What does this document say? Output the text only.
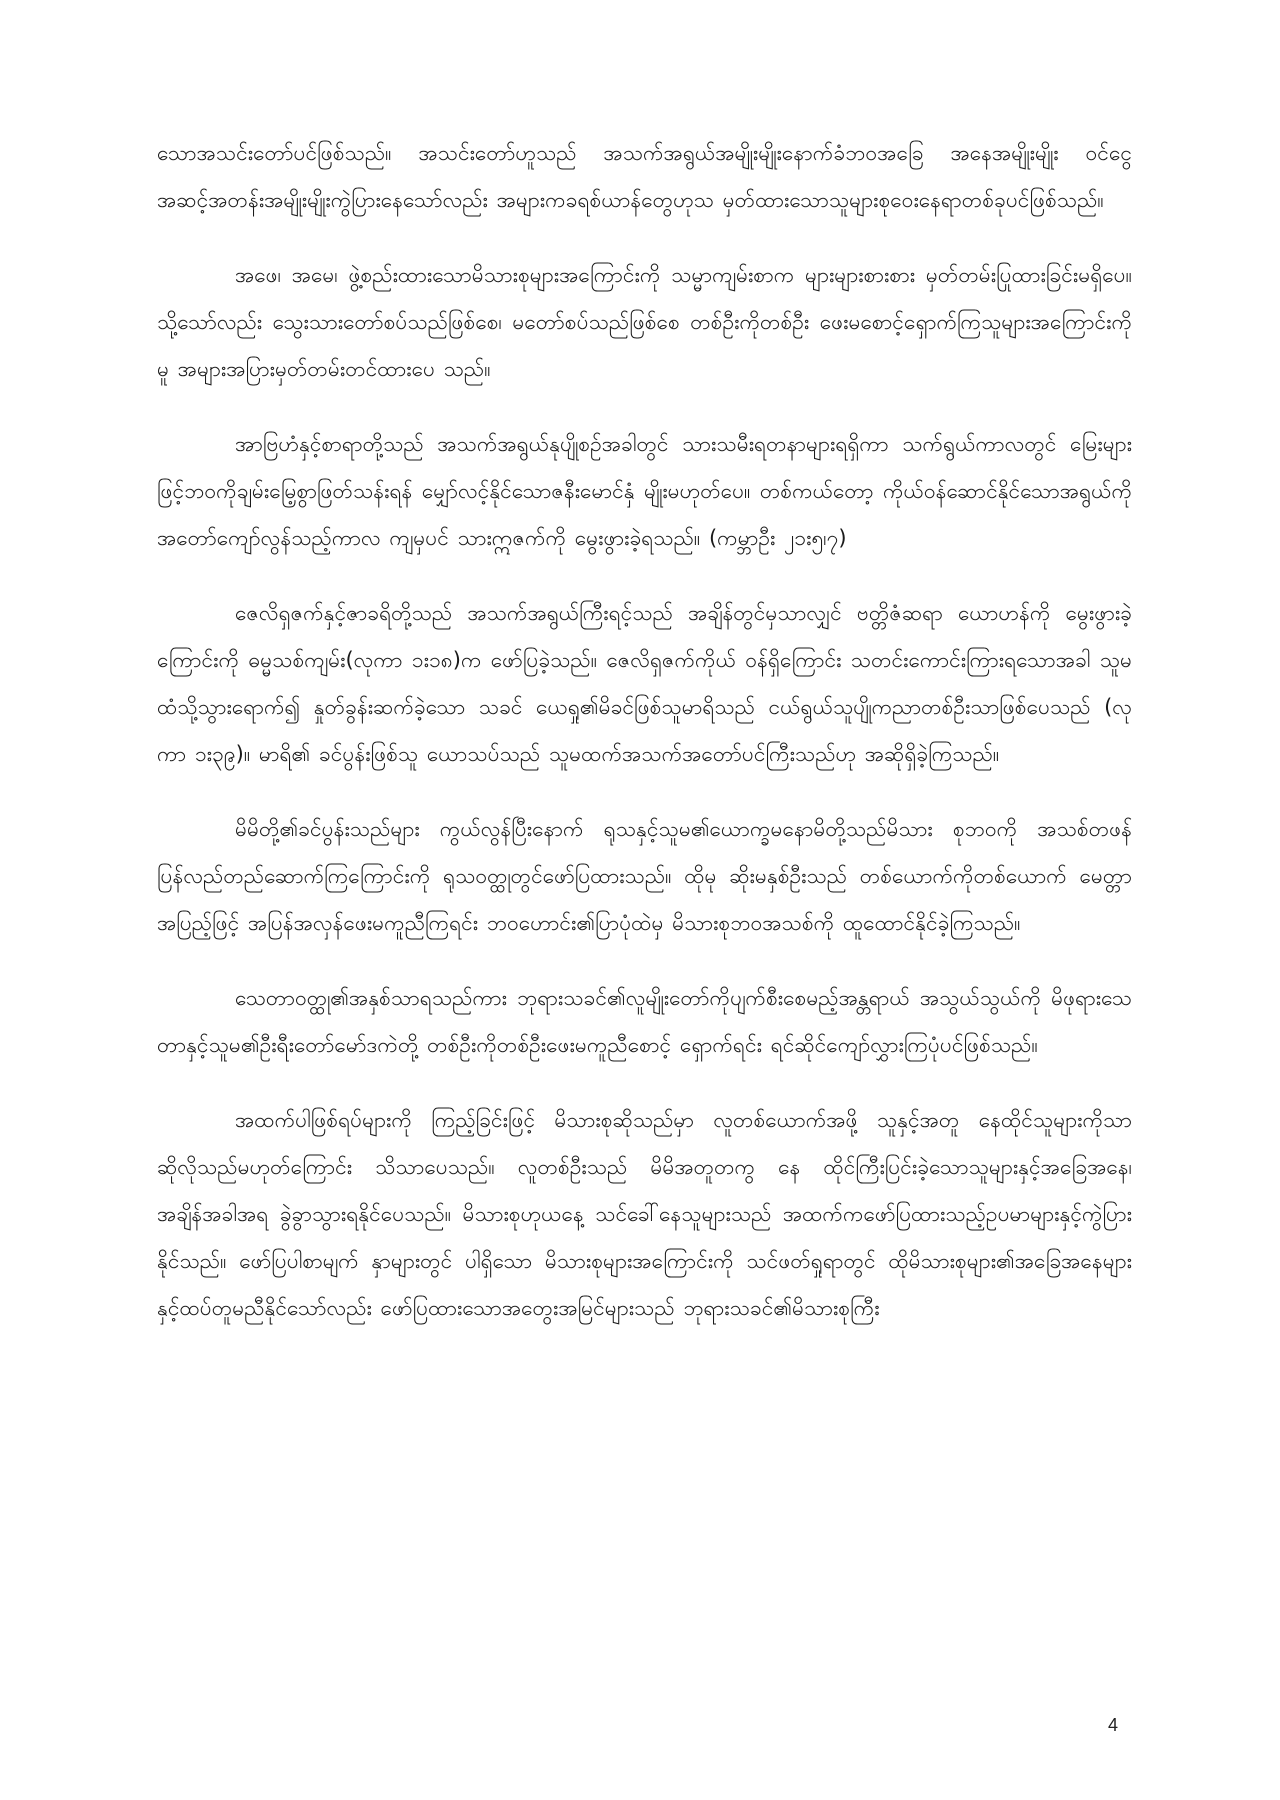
သောအသင်းတော်ပင်ဖြစ်သည်။ အသင်းတော်ဟူသည် အသက်အရွယ်အမျိုးမျိုးနောက်ခံဘဝအခြေ အနေအမျိုးမျိုး ဝင်ငွေအဆင့်အတန်းအမျိုးမျိုးကွဲပြားနေသော်လည်း အများကခရစ်ယာန်တွေဟုသ မှတ်ထားသောသူများစုဝေးနေရာတစ်ခုပင်ဖြစ်သည်။

အဖေ၊ အမေ၊ ဖွဲ့စည်းထားသောမိသားစုများအကြောင်းကို သမ္မာကျမ်းစာက များများစားစား မှတ်တမ်းပြုထားခြင်းမရှိပေ။ သို့သော်လည်း သွေးသားတော်စပ်သည်ဖြစ်စေ၊ မတော်စပ်သည်ဖြစ်စေ တစ်ဦးကိုတစ်ဦး ဖေးမစောင့်ရှောက်ကြသူများအကြောင်းကိုမူ အများအပြားမှတ်တမ်းတင်ထားပေ သည်။

အာဗြဟံနှင့်စာရာတို့သည် အသက်အရွယ်နုပျိုစဉ်အခါတွင် သားသမီးရတနာများရရှိကာ သက်ရွယ်ကာလတွင် မြေးများဖြင့်ဘဝကိုချမ်းမြေ့စွာဖြတ်သန်းရန် မျှော်လင့်နိုင်သောဇနီးမောင်နှံ မျိုးမဟုတ်ပေ။ တစ်ကယ်တော့ ကိုယ်ဝန်ဆောင်နိုင်သောအရွယ်ကို အတော်ကျော်လွန်သည့်ကာလ ကျမှပင် သားဣဇက်ကို မွေးဖွားခဲ့ရသည်။ (ကမ္ဘာဦး ၂၁း၅၊၇)

ဇေလိရှဇက်နှင့်ဇာခရိတို့သည် အသက်အရွယ်ကြီးရင့်သည် အချိန်တွင်မှသာလျှင် ဗတ္တိဇံဆရာ ယောဟန်ကို မွေးဖွားခဲ့ကြောင်းကို ဓမ္မသစ်ကျမ်း(လုကာ ၁း၁၈)က ဖော်ပြခဲ့သည်။ ဇေလိရှဇက်ကိုယ် ဝန်ရှိကြောင်း သတင်းကောင်းကြားရသောအခါ သူမထံသို့သွားရောက်၍ နှုတ်ခွန်းဆက်ခဲ့သော သခင် ယေရှု၏မိခင်ဖြစ်သူမာရိသည် ငယ်ရွယ်သူပျိုကညာတစ်ဦးသာဖြစ်ပေသည် (လုကာ ၁း၃၉)။ မာရိ၏ ခင်ပွန်းဖြစ်သူ ယောသပ်သည် သူမထက်အသက်အတော်ပင်ကြီးသည်ဟု အဆိုရှိခဲ့ကြသည်။

မိမိတို့၏ခင်ပွန်းသည်များ ကွယ်လွန်ပြီးနောက် ရုသနှင့်သူမ၏ယောက္ခမနောမိတို့သည်မိသား စုဘဝကို အသစ်တဖန် ပြန်လည်တည်ဆောက်ကြကြောင်းကို ရုသဝတ္ထုတွင်ဖော်ပြထားသည်။ ထိုမု ဆိုးမနှစ်ဦးသည် တစ်ယောက်ကိုတစ်ယောက် မေတ္တာအပြည့်ဖြင့် အပြန်အလှန်ဖေးမကူညီကြရင်း ဘဝဟောင်း၏ပြာပုံထဲမှ မိသားစုဘဝအသစ်ကို ထူထောင်နိုင်ခဲ့ကြသည်။

သေတာဝတ္ထု၏အနှစ်သာရသည်ကား ဘုရားသခင်၏လူမျိုးတော်ကိုပျက်စီးစေမည့်အန္တရာယ် အသွယ်သွယ်ကို မိဖုရားသေတာနှင့်သူမ၏ဦးရီးတော်မော်ဒကဲတို့ တစ်ဦးကိုတစ်ဦးဖေးမကူညီစောင့် ရှောက်ရင်း ရင်ဆိုင်ကျော်လွှားကြပုံပင်ဖြစ်သည်။

အထက်ပါဖြစ်ရပ်များကို ကြည့်ခြင်းဖြင့် မိသားစုဆိုသည်မှာ လူတစ်ယောက်အဖို့ သူနှင့်အတူ နေထိုင်သူများကိုသာ ဆိုလိုသည်မဟုတ်ကြောင်း သိသာပေသည်။ လူတစ်ဦးသည် မိမိအတူတကွ နေ ထိုင်ကြီးပြင်းခဲ့သောသူများနှင့်အခြေအနေ၊ အချိန်အခါအရ ခွဲခွာသွားရနိုင်ပေသည်။ မိသားစုဟုယနေ့ သင်ခေါ်နေသူများသည် အထက်ကဖော်ပြထားသည့်ဥပမာများနှင့်ကွဲပြားနိုင်သည်။ ဖော်ပြပါစာမျက် နှာများတွင် ပါရှိသော မိသားစုများအကြောင်းကို သင်ဖတ်ရှုရာတွင် ထိုမိသားစုများ၏အခြေအနေများ နှင့်ထပ်တူမညီနိုင်သော်လည်း ဖော်ပြထားသောအတွေးအမြင်များသည် ဘုရားသခင်၏မိသားစုကြီး

4
